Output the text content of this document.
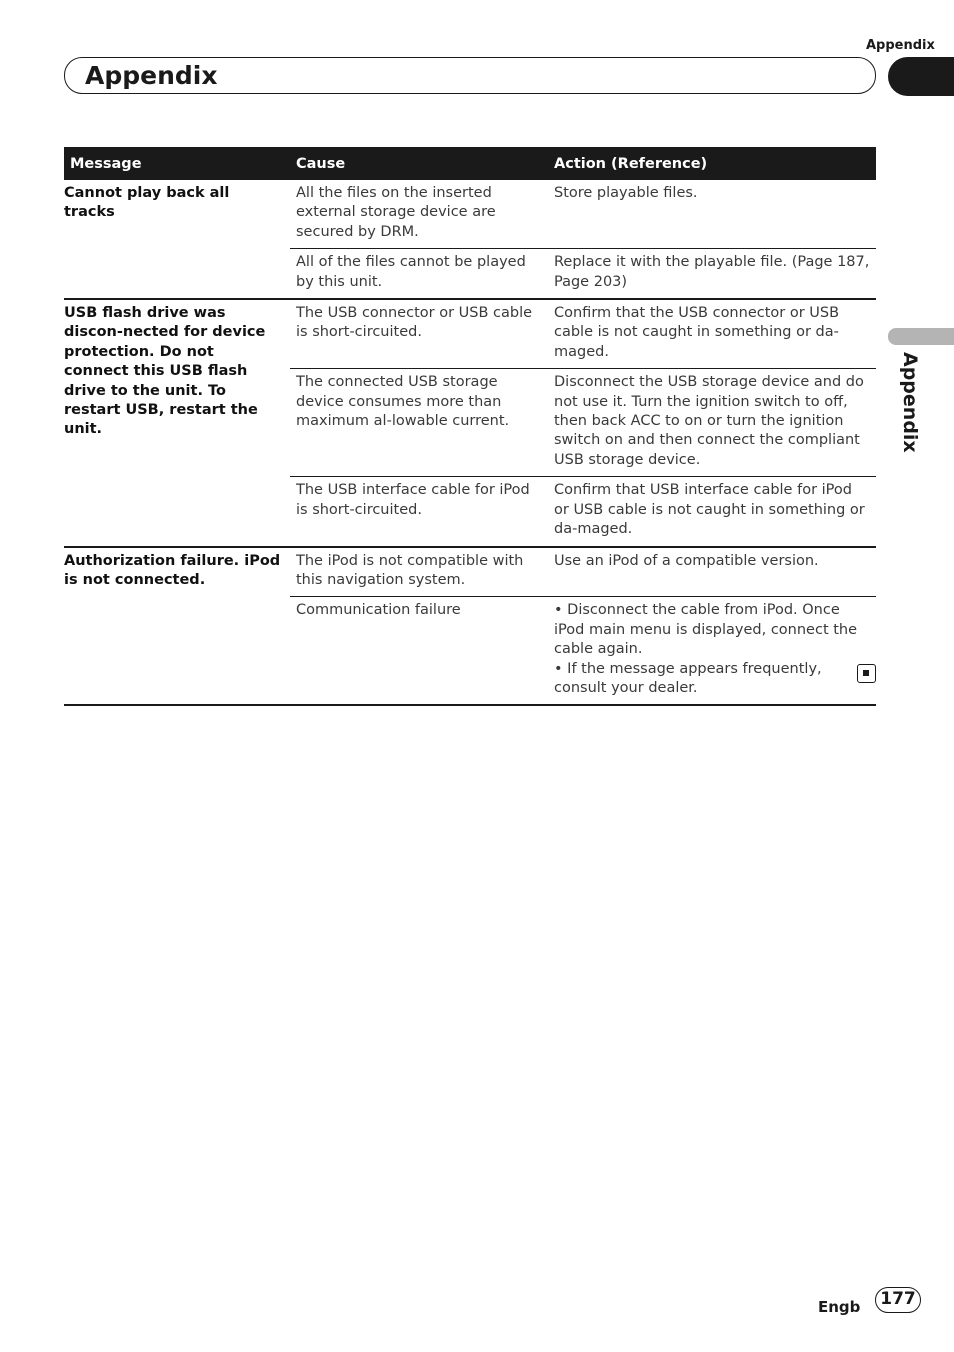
Appendix
Appendix
Appendix
Message	Cause	Action (Reference)
Cannot play back all tracks	All the files on the inserted external storage device are secured by DRM.	Store playable files.
	All of the files cannot be played by this unit.	Replace it with the playable file. (Page 187, Page 203)
USB flash drive was discon-nected for device protection. Do not connect this USB flash drive to the unit. To restart USB, restart the unit.	The USB connector or USB cable is short-circuited.	Confirm that the USB connector or USB cable is not caught in something or da-maged.
	The connected USB storage device consumes more than maximum al-lowable current.	Disconnect the USB storage device and do not use it. Turn the ignition switch to off, then back ACC to on or turn the ignition switch on and then connect the compliant USB storage device.
	The USB interface cable for iPod is short-circuited.	Confirm that USB interface cable for iPod or USB cable is not caught in something or da-maged.
Authorization failure. iPod is not connected.	The iPod is not compatible with this navigation system.	Use an iPod of a compatible version.
	Communication failure	• Disconnect the cable from iPod. Once iPod main menu is displayed, connect the cable again.
• If the message appears frequently, consult your dealer.
Engb	177
